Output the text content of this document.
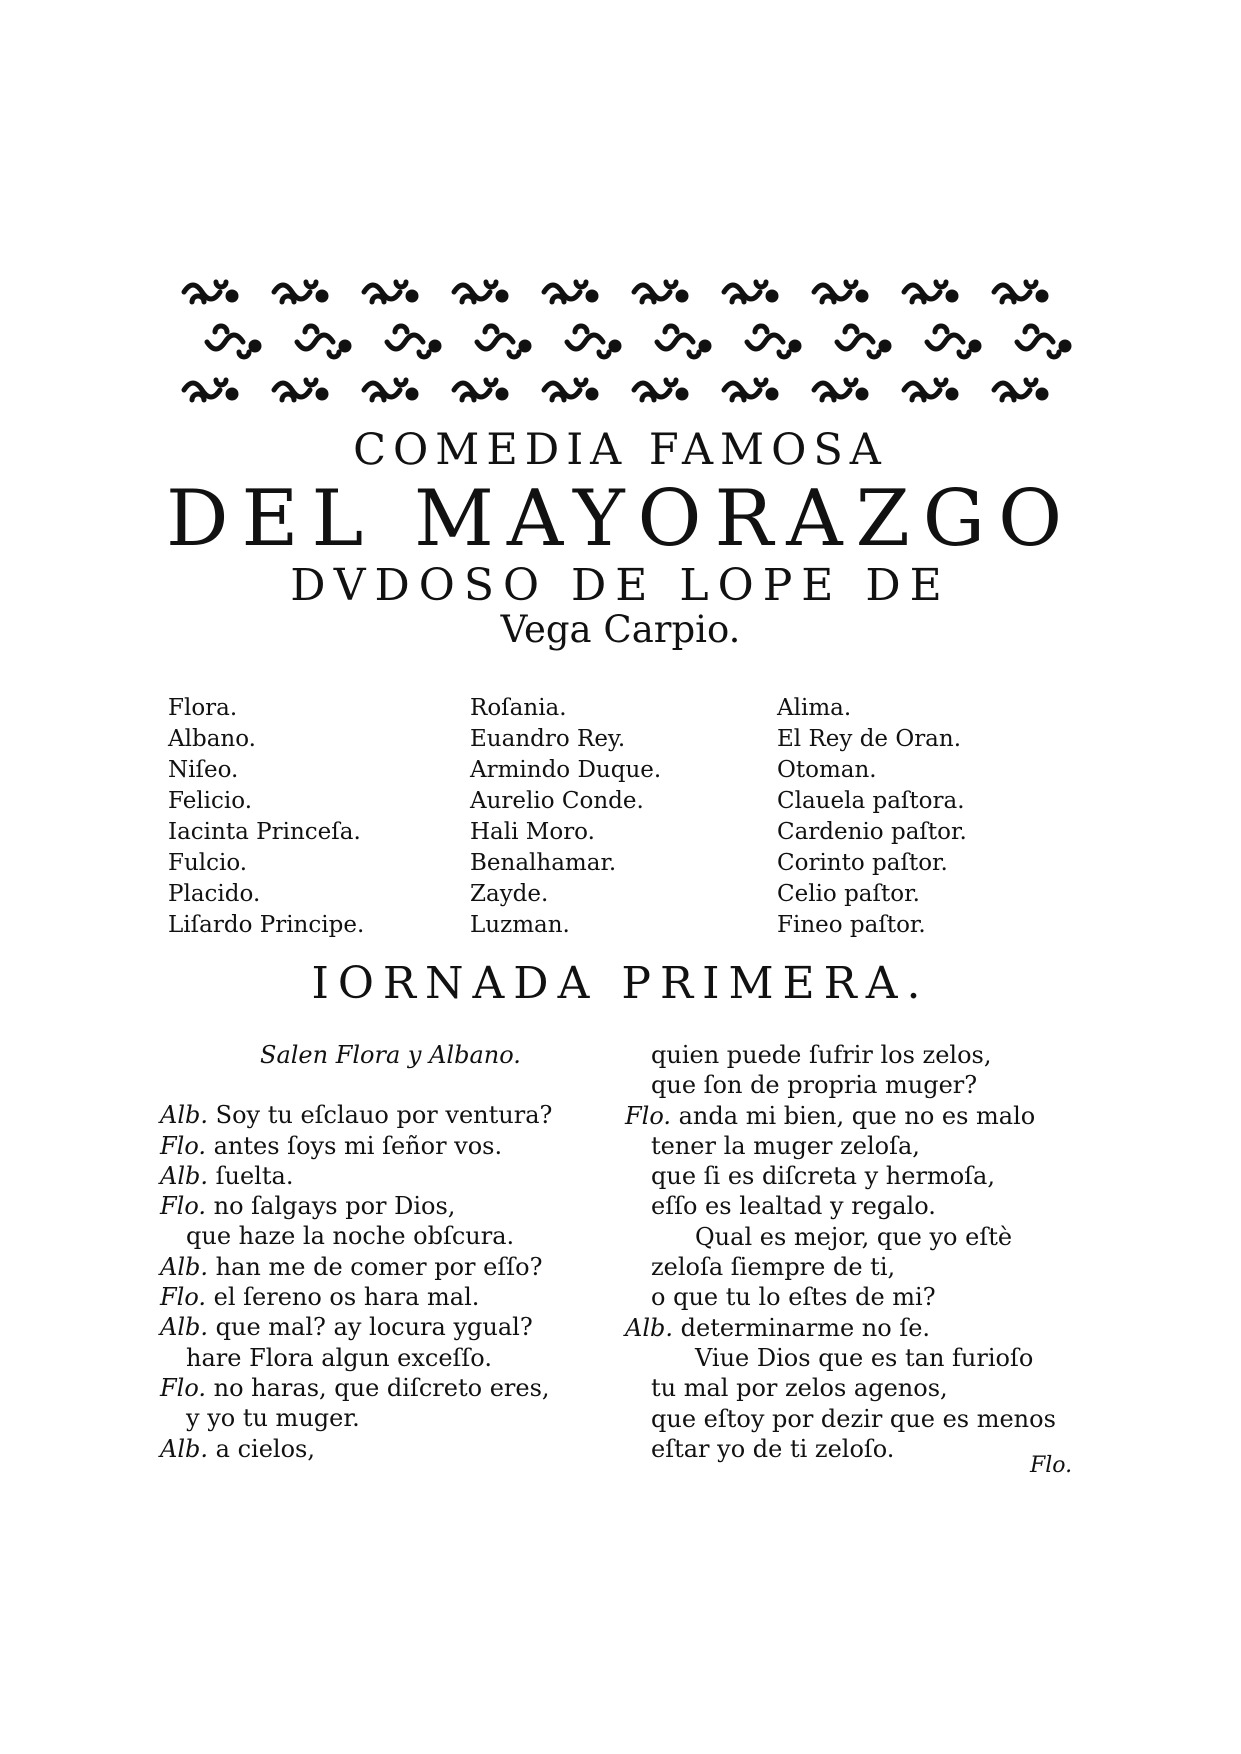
COMEDIA FAMOSA
DEL MAYORAZGO
DVDOSO DE LOPE DE
Vega Carpio.
Flora.
Albano.
Niſeo.
Felicio.
Iacinta Princeſa.
Fulcio.
Placido.
Liſardo Principe.
Roſania.
Euandro Rey.
Armindo Duque.
Aurelio Conde.
Hali Moro.
Benalhamar.
Zayde.
Luzman.
Alima.
El Rey de Oran.
Otoman.
Clauela paſtora.
Cardenio paſtor.
Corinto paſtor.
Celio paſtor.
Fineo paſtor.
IORNADA PRIMERA.
Salen Flora y Albano.
Alb. Soy tu eſclauo por ventura?
Flo. antes ſoys mi ſeñor vos.
Alb. ſuelta.
Flo. no ſalgays por Dios,
que haze la noche obſcura.
Alb. han me de comer por eſſo?
Flo. el ſereno os hara mal.
Alb. que mal? ay locura ygual?
hare Flora algun exceſſo.
Flo. no haras, que diſcreto eres,
y yo tu muger.
Alb. a cielos,
quien puede ſufrir los zelos,
que ſon de propria muger?
Flo. anda mi bien, que no es malo
tener la muger zeloſa,
que ſi es diſcreta y hermoſa,
eſſo es lealtad y regalo.
Qual es mejor, que yo eſtè
zeloſa ſiempre de ti,
o que tu lo eſtes de mi?
Alb. determinarme no ſe.
Viue Dios que es tan furioſo
tu mal por zelos agenos,
que eſtoy por dezir que es menos
eſtar yo de ti zeloſo.
Flo.
